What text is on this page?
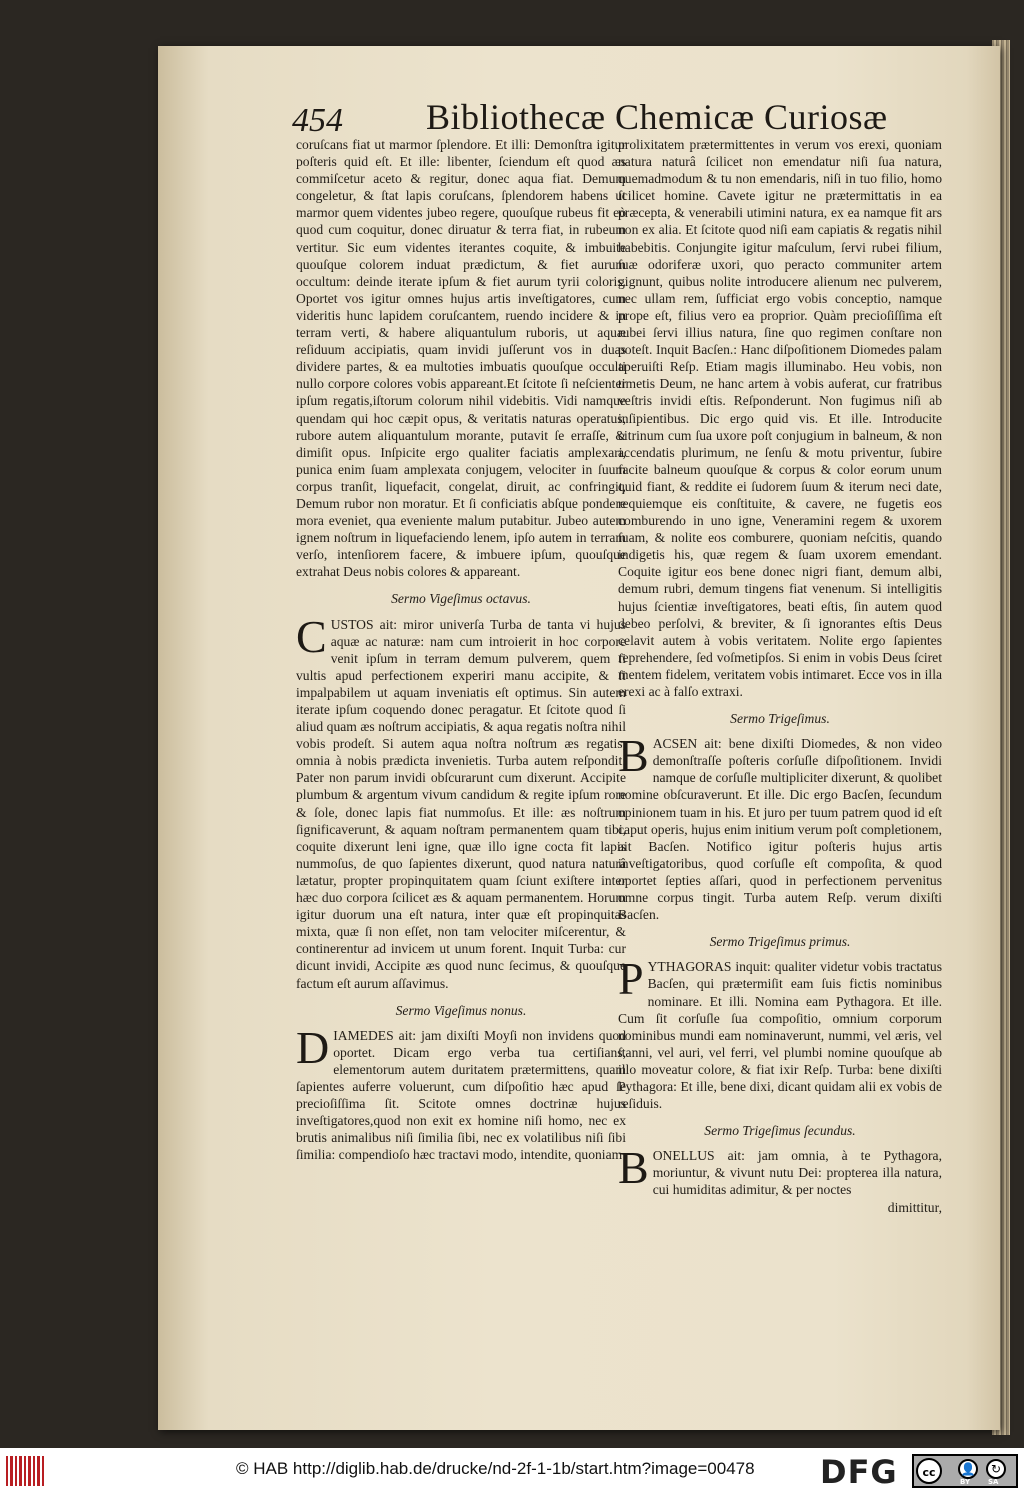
454 Bibliothecæ Chemicæ Curiosæ

coruſcans fiat ut marmor ſplendore. Et illi: Demonſtra igitur poſteris quid eſt. Et ille: libenter, ſciendum eſt quod æs commiſcetur aceto & regitur, donec aqua fiat. Demum congeletur, & ſtat lapis coruſcans, ſplendorem habens ut marmor quem videntes jubeo regere, quouſque rubeus fit eò quod cum coquitur, donec diruatur & terra fiat, in rubeum vertitur. Sic eum videntes iterantes coquite, & imbuite quouſque colorem induat prædictum, & fiet aurum occultum: deinde iterate ipſum & fiet aurum tyrii coloris. Oportet vos igitur omnes hujus artis inveſtigatores, cum videritis hunc lapidem coruſcantem, ruendo incidere & in terram verti, & habere aliquantulum ruboris, ut aquæ reſiduum accipiatis, quam invidi juſſerunt vos in duas dividere partes, & ea multoties imbuatis quouſque occulti nullo corpore colores vobis appareant.Et ſcitote ſi neſcienter ipſum regatis,iſtorum colorum nihil videbitis. Vidi namque quendam qui hoc cæpit opus, & veritatis naturas operatus, rubore autem aliquantulum morante, putavit ſe erraſſe, & dimiſit opus. Inſpicite ergo qualiter faciatis amplexari, punica enim ſuam amplexata conjugem, velociter in ſuum corpus tranſit, liquefacit, congelat, diruit, ac confringit, Demum rubor non moratur. Et ſi conficiatis abſque pondere mora eveniet, qua eveniente malum putabitur. Jubeo autem ignem noſtrum in liquefaciendo lenem, ipſo autem in terram verſo, intenſiorem facere, & imbuere ipſum, quouſque extrahat Deus nobis colores & appareant.

Sermo Vigeſimus octavus.

CUSTOS ait: miror univerſa Turba de tanta vi hujus aquæ ac naturæ: nam cum introierit in hoc corpore venit ipſum in terram demum pulverem, quem ſi vultis apud perfectionem experiri manu accipite, & ſi impalpabilem ut aquam inveniatis eſt optimus. Sin autem iterate ipſum coquendo donec peragatur. Et ſcitote quod ſi aliud quam æs noſtrum accipiatis, & aqua regatis noſtra nihil vobis prodeſt. Si autem aqua noſtra noſtrum æs regatis, omnia à nobis prædicta invenietis. Turba autem reſpondit: Pater non parum invidi obſcurarunt cum dixerunt. Accipite plumbum & argentum vivum candidum & regite ipſum rore & ſole, donec lapis fiat nummoſus. Et ille: æs noſtrum ſignificaverunt, & aquam noſtram permanentem quam tibi, coquite dixerunt leni igne, quæ illo igne cocta fit lapis nummoſus, de quo ſapientes dixerunt, quod natura naturâ lætatur, propter propinquitatem quam ſciunt exiſtere inter hæc duo corpora ſcilicet æs & aquam permanentem. Horum igitur duorum una eſt natura, inter quæ eſt propinquitas mixta, quæ ſi non eſſet, non tam velociter miſcerentur, & continerentur ad invicem ut unum forent. Inquit Turba: cur dicunt invidi, Accipite æs quod nunc ſecimus, & quouſque factum eſt aurum aſſavimus.

Sermo Vigeſimus nonus.

DIAMEDES ait: jam dixiſti Moyſi non invidens quod oportet. Dicam ergo verba tua certiſians, elementorum autem duritatem prætermittens, quam ſapientes auferre voluerunt, cum diſpoſitio hæc apud ſe precioſiſſima ſit. Scitote omnes doctrinæ hujus inveſtigatores,quod non exit ex homine niſi homo, nec ex brutis animalibus niſi ſimilia ſibi, nec ex volatilibus niſi ſibi ſimilia: compendioſo hæc tractavi modo, intendite, quoniam

prolixitatem prætermittentes in verum vos erexi, quoniam natura naturâ ſcilicet non emendatur niſi ſua natura, quemadmodum & tu non emendaris, niſi in tuo filio, homo ſcilicet homine. Cavete igitur ne prætermittatis in ea præcepta, & venerabili utimini natura, ex ea namque fit ars non ex alia. Et ſcitote quod niſi eam capiatis & regatis nihil habebitis. Conjungite igitur maſculum, ſervi rubei filium, ſuæ odoriferæ uxori, quo peracto communiter artem gignunt, quibus nolite introducere alienum nec pulverem, nec ullam rem, ſufficiat ergo vobis conceptio, namque prope eſt, filius vero ea proprior. Quàm precioſiſſima eſt rubei ſervi illius natura, ſine quo regimen conſtare non poteſt. Inquit Bacſen.: Hanc diſpoſitionem Diomedes palam aperuiſti Reſp. Etiam magis illuminabo. Heu vobis, non timetis Deum, ne hanc artem à vobis auferat, cur fratribus veſtris invidi eſtis. Reſponderunt. Non fugimus niſi ab inſipientibus. Dic ergo quid vis. Et ille. Introducite citrinum cum ſua uxore poſt conjugium in balneum, & non accendatis plurimum, ne ſenſu & motu priventur, ſubire facite balneum quouſque & corpus & color eorum unum quid fiant, & reddite ei ſudorem ſuum & iterum neci date, requiemque eis conſtituite, & cavere, ne fugetis eos comburendo in uno igne, Veneramini regem & uxorem ſuam, & nolite eos comburere, quoniam neſcitis, quando indigetis his, quæ regem & ſuam uxorem emendant. Coquite igitur eos bene donec nigri fiant, demum albi, demum rubri, demum tingens fiat venenum. Si intelligitis hujus ſcientiæ inveſtigatores, beati eſtis, ſin autem quod debeo perſolvi, & breviter, & ſi ignorantes eſtis Deus celavit autem à vobis veritatem. Nolite ergo ſapientes reprehendere, ſed voſmetipſos. Si enim in vobis Deus ſciret mentem fidelem, veritatem vobis intimaret. Ecce vos in illa erexi ac à falſo extraxi.

Sermo Trigeſimus.

BACSEN ait: bene dixiſti Diomedes, & non video demonſtraſſe poſteris corſuſle diſpoſitionem. Invidi namque de corſuſle multipliciter dixerunt, & quolibet nomine obſcuraverunt. Et ille. Dic ergo Bacſen, ſecundum opinionem tuam in his. Et juro per tuum patrem quod id eſt caput operis, hujus enim initium verum poſt completionem, ait Bacſen. Notifico igitur poſteris hujus artis inveſtigatoribus, quod corſuſle eſt compoſita, & quod oportet ſepties aſſari, quod in perfectionem pervenitus omne corpus tingit. Turba autem Reſp. verum dixiſti Bacſen.

Sermo Trigeſimus primus.

PYTHAGORAS inquit: qualiter videtur vobis tractatus Bacſen, qui prætermiſit eam ſuis fictis nominibus nominare. Et illi. Nomina eam Pythagora. Et ille. Cum ſit corſuſle ſua compoſitio, omnium corporum nominibus mundi eam nominaverunt, nummi, vel æris, vel ſtanni, vel auri, vel ferri, vel plumbi nomine quouſque ab illo moveatur colore, & fiat ixir Reſp. Turba: bene dixiſti Pythagora: Et ille, bene dixi, dicant quidam alii ex vobis de reſiduis.

Sermo Trigeſimus ſecundus.

BONELLUS ait: jam omnia, à te Pythagora, moriuntur, & vivunt nutu Dei: propterea illa natura, cui humiditas adimitur, & per noctes

dimittitur,
© HAB http://diglib.hab.de/drucke/nd-2f-1-1b/start.htm?image=00478 DFG	cc	👤	↻
BY	SA
